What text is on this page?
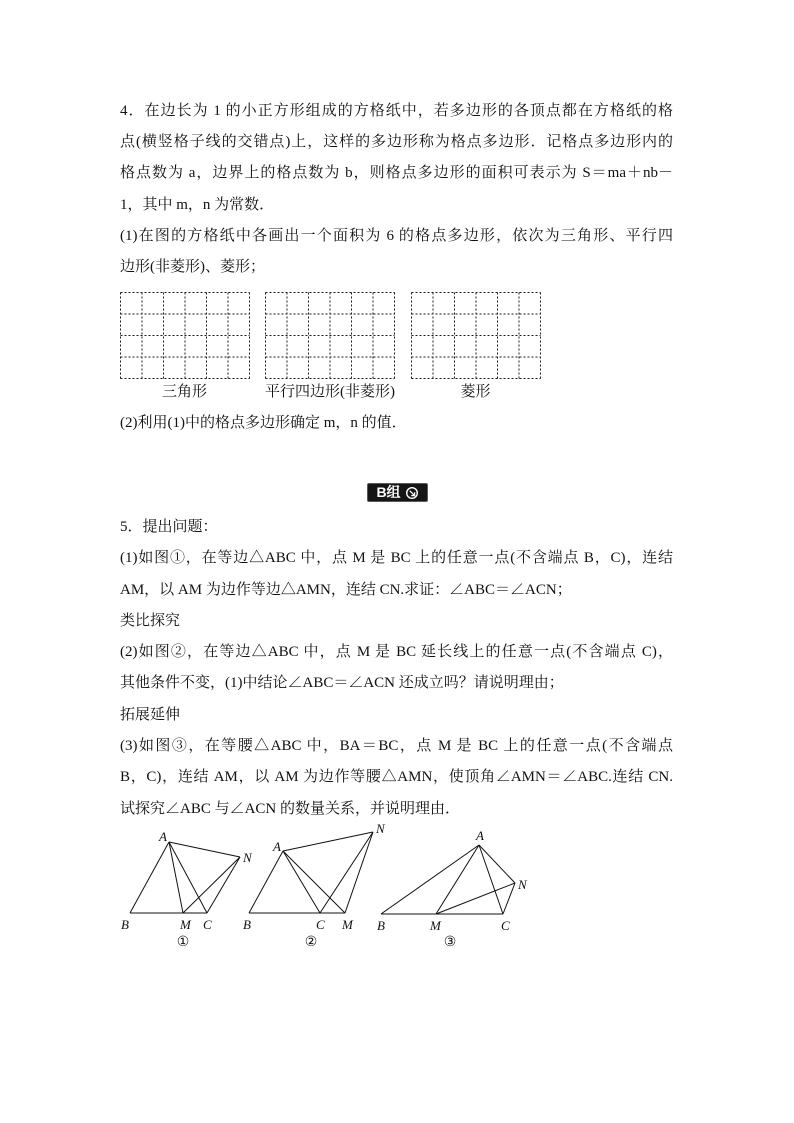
4．在边长为 1 的小正方形组成的方格纸中，若多边形的各顶点都在方格纸的格
点(横竖格子线的交错点)上，这样的多边形称为格点多边形．记格点多边形内的
格点数为 a，边界上的格点数为 b，则格点多边形的面积可表示为 S＝ma＋nb－
1，其中 m，n 为常数．
(1)在图的方格纸中各画出一个面积为 6 的格点多边形，依次为三角形、平行四
边形(非菱形)、菱形；
三角形	平行四边形(非菱形)	菱形
(2)利用(1)中的格点多边形确定 m，n 的值．
B组
5．提出问题：
(1)如图①，在等边△ABC 中，点 M 是 BC 上的任意一点(不含端点 B，C)，连结
AM，以 AM 为边作等边△AMN，连结 CN.求证：∠ABC＝∠ACN；
类比探究
(2)如图②，在等边△ABC 中，点 M 是 BC 延长线上的任意一点(不含端点 C)，
其他条件不变，(1)中结论∠ABC＝∠ACN 还成立吗？请说明理由；
拓展延伸
(3)如图③，在等腰△ABC 中，BA＝BC，点 M 是 BC 上的任意一点(不含端点
B，C)，连结 AM，以 AM 为边作等腰△AMN，使顶角∠AMN＝∠ABC.连结 CN.
试探究∠ABC 与∠ACN 的数量关系，并说明理由．
A
N
B	M C
①
A
N
B	C M
②
A
N
B	M	C
③
